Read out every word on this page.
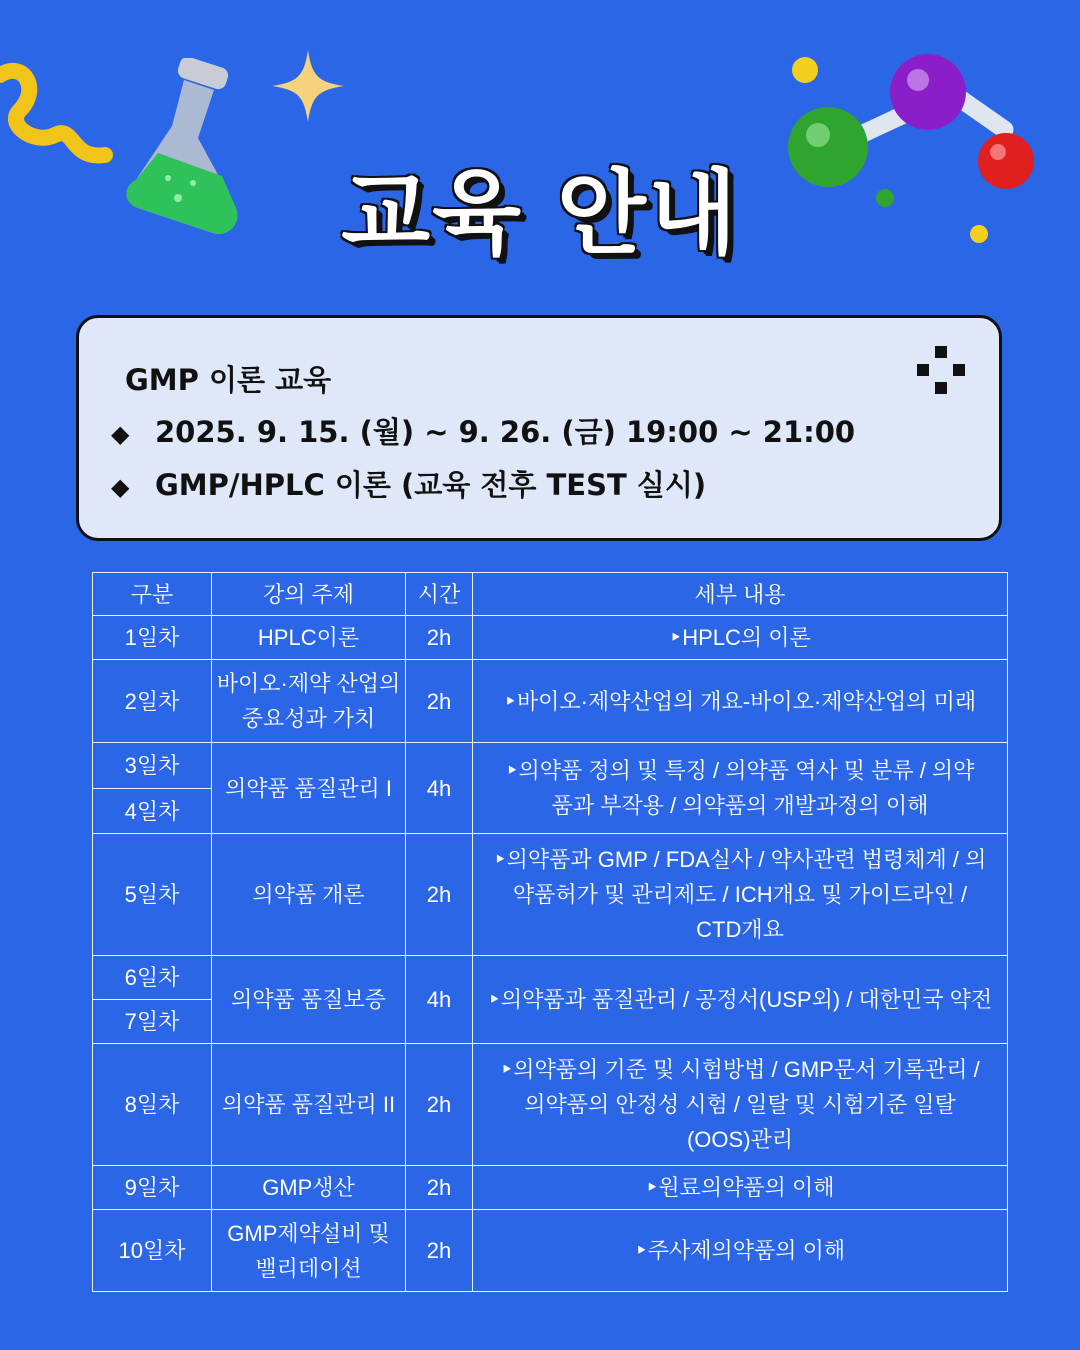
교육 안내
GMP 이론 교육
◆ 2025. 9. 15. (월) ~ 9. 26. (금) 19:00 ~ 21:00
◆ GMP/HPLC 이론 (교육 전후 TEST 실시)
구분	강의 주제	시간	세부 내용
1일차	HPLC이론	2h	‣HPLC의 이론
2일차	바이오·제약 산업의 중요성과 가치	2h	‣바이오·제약산업의 개요-바이오·제약산업의 미래
3일차	의약품 품질관리 I	4h	‣의약품 정의 및 특징 / 의약품 역사 및 분류 / 의약품과 부작용 / 의약품의 개발과정의 이해
4일차			
5일차	의약품 개론	2h	‣의약품과 GMP / FDA실사 / 약사관련 법령체계 / 의약품허가 및 관리제도 / ICH개요 및 가이드라인 / CTD개요
6일차	의약품 품질보증	4h	‣의약품과 품질관리 / 공정서(USP외) / 대한민국 약전
7일차			
8일차	의약품 품질관리 II	2h	‣의약품의 기준 및 시험방법 / GMP문서 기록관리 / 의약품의 안정성 시험 / 일탈 및 시험기준 일탈(OOS)관리
9일차	GMP생산	2h	‣원료의약품의 이해
10일차	GMP제약설비 및 밸리데이션	2h	‣주사제의약품의 이해
